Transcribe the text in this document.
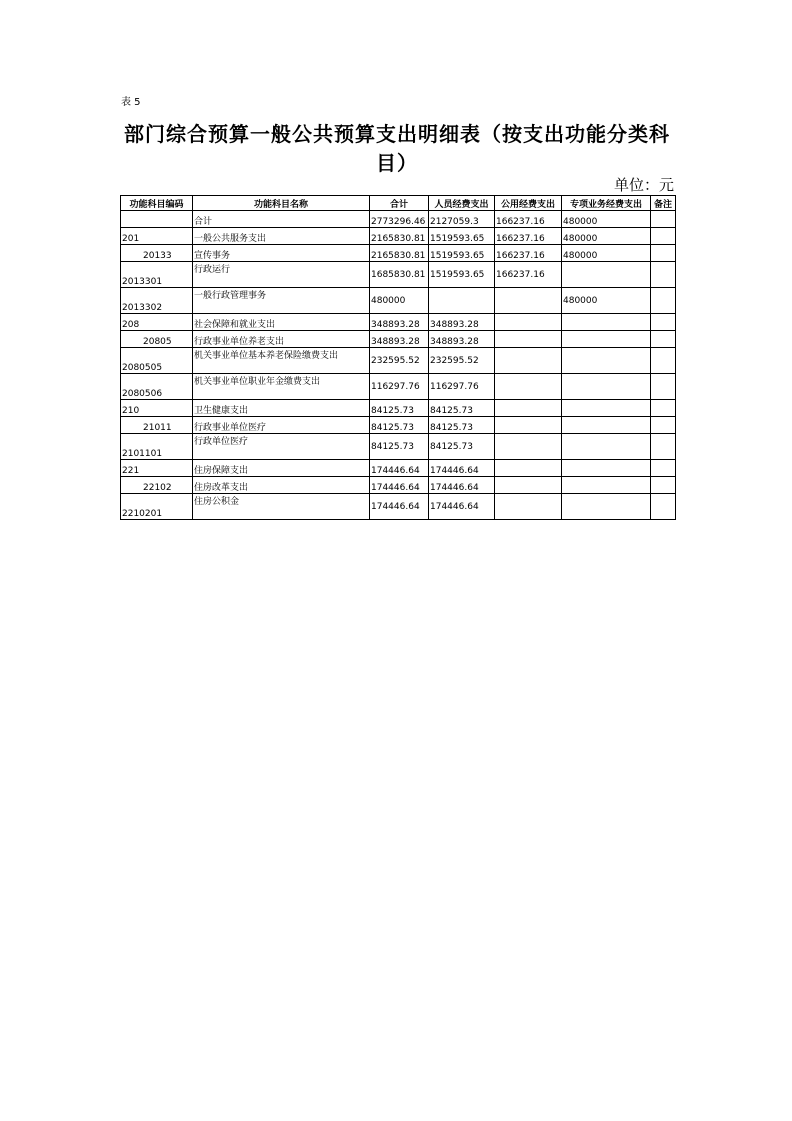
表 5
部门综合预算一般公共预算支出明细表（按支出功能分类科目）
单位：元
功能科目编码	功能科目名称	合计	人员经费支出	公用经费支出	专项业务经费支出	备注
	合计	2773296.46	2127059.3	166237.16	480000	
201	一般公共服务支出	2165830.81	1519593.65	166237.16	480000	
20133	宣传事务	2165830.81	1519593.65	166237.16	480000	
2013301	行政运行	1685830.81	1519593.65	166237.16		
2013302	一般行政管理事务	480000			480000	
208	社会保障和就业支出	348893.28	348893.28			
20805	行政事业单位养老支出	348893.28	348893.28			
2080505	机关事业单位基本养老保险缴费支出	232595.52	232595.52			
2080506	机关事业单位职业年金缴费支出	116297.76	116297.76			
210	卫生健康支出	84125.73	84125.73			
21011	行政事业单位医疗	84125.73	84125.73			
2101101	行政单位医疗	84125.73	84125.73			
221	住房保障支出	174446.64	174446.64			
22102	住房改革支出	174446.64	174446.64			
2210201	住房公积金	174446.64	174446.64			
